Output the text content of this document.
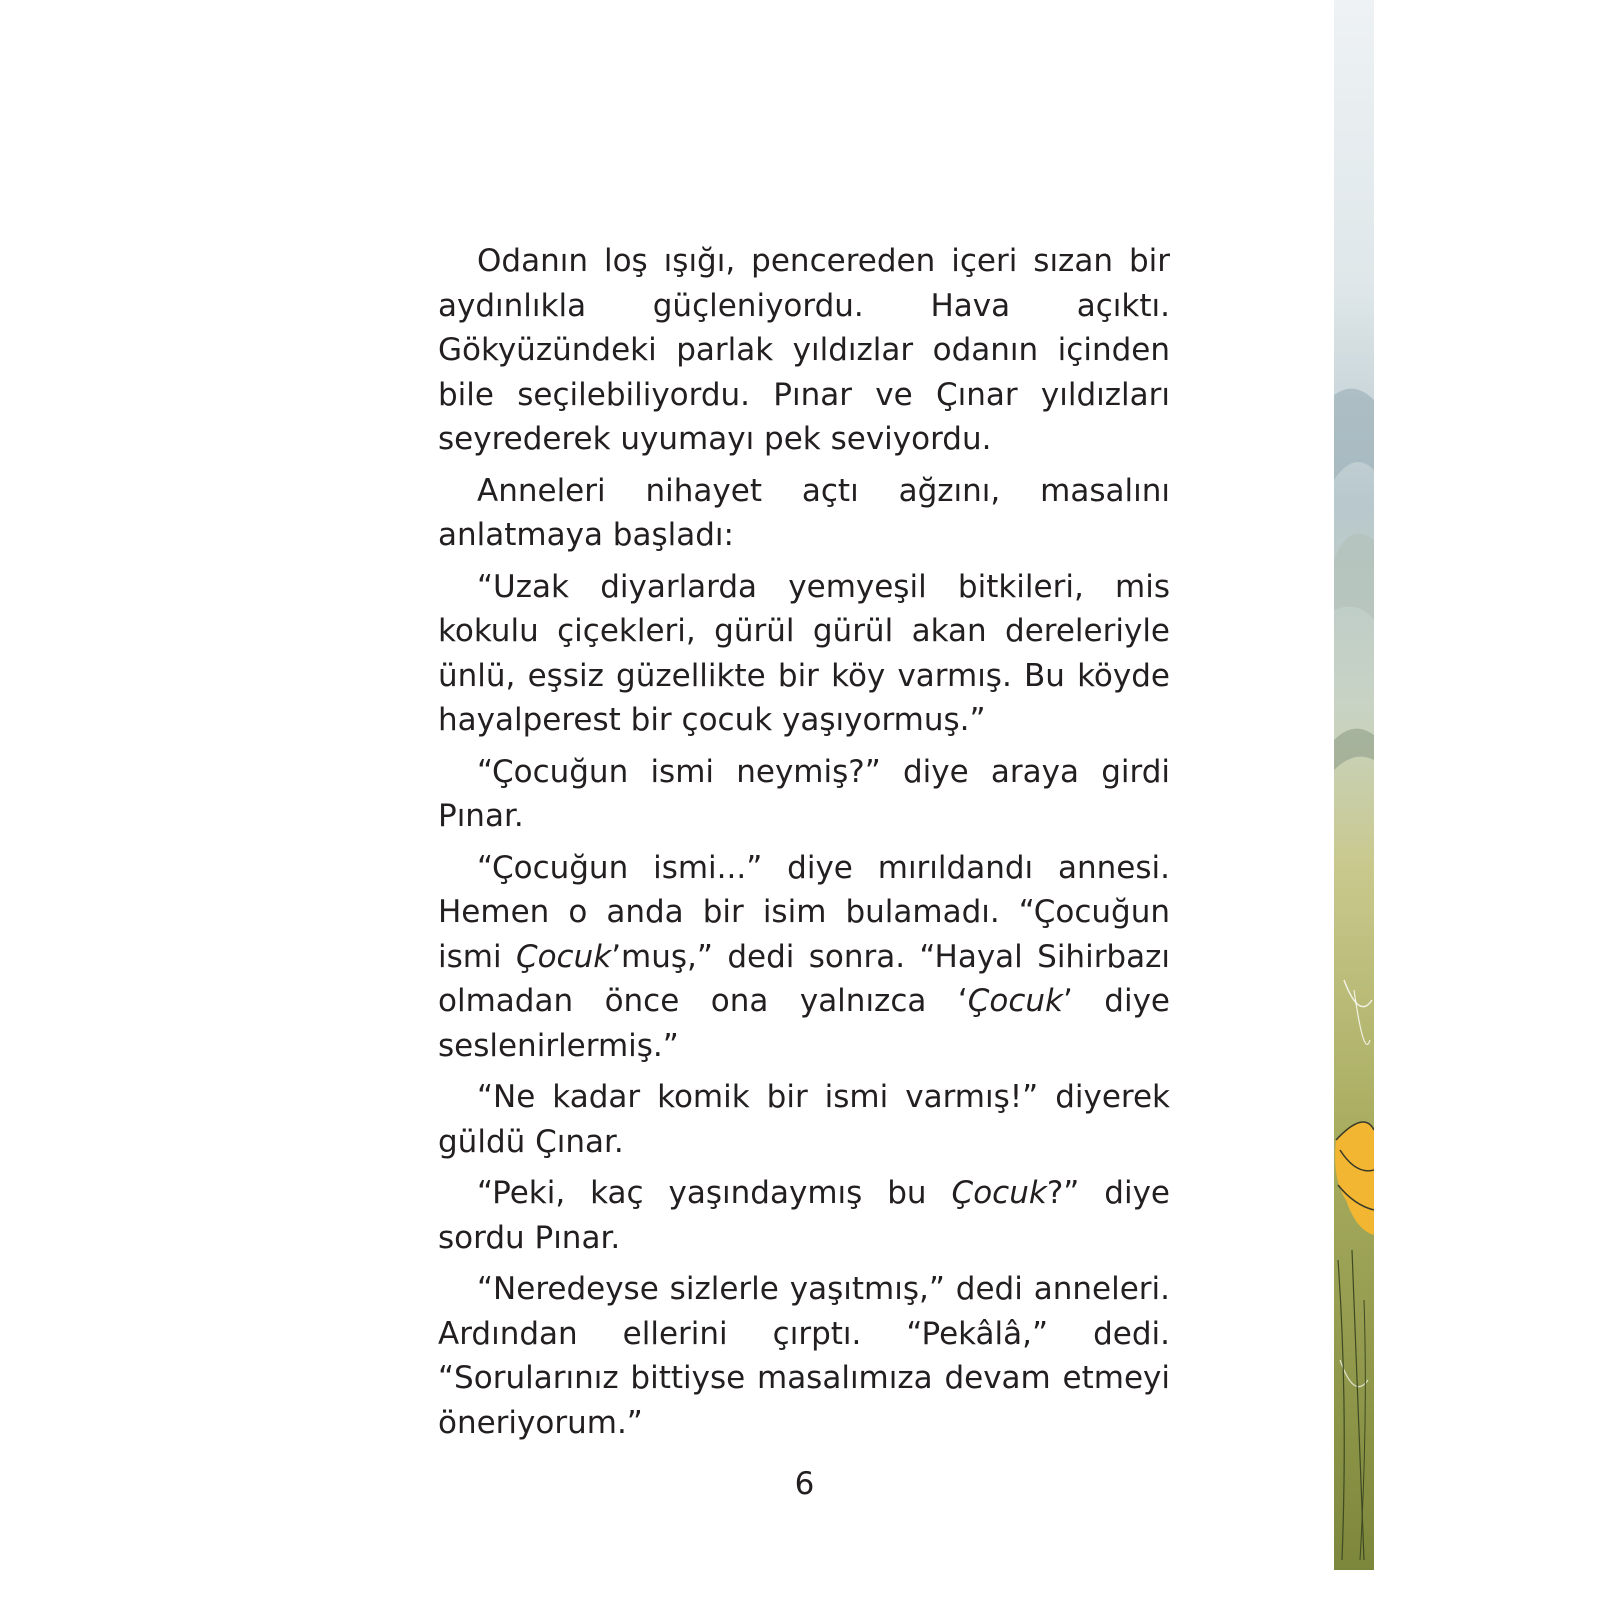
Odanın loş ışığı, pencereden içeri sızan bir aydınlıkla güçleniyordu. Hava açıktı. Gökyüzündeki parlak yıldızlar odanın içinden bile seçilebiliyordu. Pınar ve Çınar yıldızları seyrederek uyumayı pek seviyordu.

Anneleri nihayet açtı ağzını, masalını anlatmaya başladı:

“Uzak diyarlarda yemyeşil bitkileri, mis kokulu çiçekleri, gürül gürül akan dereleriyle ünlü, eşsiz güzellikte bir köy varmış. Bu köyde hayalperest bir çocuk yaşıyormuş.”

“Çocuğun ismi neymiş?” diye araya girdi Pınar.

“Çocuğun ismi...” diye mırıldandı annesi. Hemen o anda bir isim bulamadı. “Çocuğun ismi Çocuk’muş,” dedi sonra. “Hayal Sihirbazı olmadan önce ona yalnızca ‘Çocuk’ diye seslenirlermiş.”

“Ne kadar komik bir ismi varmış!” diyerek güldü Çınar.

“Peki, kaç yaşındaymış bu Çocuk?” diye sordu Pınar.

“Neredeyse sizlerle yaşıtmış,” dedi anneleri. Ardından ellerini çırptı. “Pekâlâ,” dedi. “Sorularınız bittiyse masalımıza devam etmeyi öneriyorum.”

6
